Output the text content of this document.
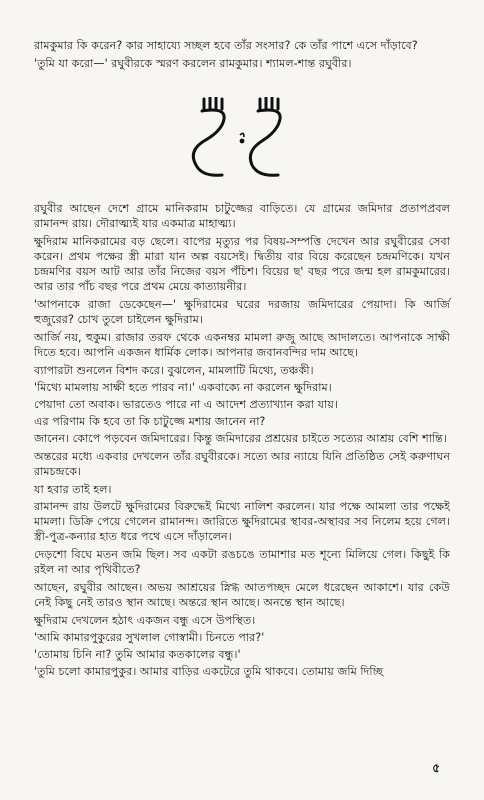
রামকুমার কি করেন? কার সাহায্যে সচ্ছল হবে তাঁর সংসার? কে তাঁর পাশে এসে দাঁড়াবে?

'তুমি যা করো—' রঘুবীরকে স্মরণ করলেন রামকুমার। শ্যামল-শান্ত রঘুবীর।

রঘুবীর আছেন দেশে গ্রামে মানিকরাম চাটুজ্জের বাড়িতে। যে গ্রামের জমিদার প্রতাপপ্রবল রামানন্দ রায়। দৌরাত্ম্যই যার একমাত্র মাহাত্ম্য।

ক্ষুদিরাম মানিকরামের বড় ছেলে। বাপের মৃত্যুর পর বিষয়-সম্পত্তি দেখেন আর রঘুবীরের সেবা করেন। প্রথম পক্ষের স্ত্রী মারা যান অল্প বয়সেই। দ্বিতীয় বার বিয়ে করেছেন চন্দ্রমণিকে। যখন চন্দ্রমণির বয়স আট আর তাঁর নিজের বয়স পঁচিশ। বিয়ের ছ' বছর পরে জন্ম হল রামকুমারের। আর তার পাঁচ বছর পরে প্রথম মেয়ে কাত্যায়নীর।

'আপনাকে রাজা ডেকেছেন—' ক্ষুদিরামের ঘরের দরজায় জমিদারের পেয়াদা। কি আর্জি হুজুরের? চোখ তুলে চাইলেন ক্ষুদিরাম।

আর্জি নয়, হুকুম। রাজার তরফ থেকে একনম্বর মামলা রুজু আছে আদালতে। আপনাকে সাক্ষী দিতে হবে। আপনি একজন ধার্মিক লোক। আপনার জবানবন্দির দাম আছে।

ব্যাপারটা শুনলেন বিশদ করে। বুঝলেন, মামলাটি মিথ্যে, তঞ্চকী।

'মিথ্যে মামলায় সাক্ষী হতে পারব না।' একবাক্যে না করলেন ক্ষুদিরাম।

পেয়াদা তো অবাক। ভারতেও পারে না এ আদেশ প্রত্যাখ্যান করা যায়।

এর পরিণাম কি হবে তা কি চাটুজ্জে মশায় জানেন না?

জানেন। কোপে পড়বেন জমিদারের। কিন্তু জমিদারের প্রশ্রয়ের চাইতে সত্যের আশ্রয় বেশি শান্তি।

অন্তরের মধ্যে একবার দেখলেন তাঁর রঘুবীরকে। সত্যে আর ন্যায়ে যিনি প্রতিষ্ঠিত সেই করুণাঘন রামচন্দ্রকে।

যা হবার তাই হল।

রামানন্দ রায় উলটে ক্ষুদিরামের বিরুদ্ধেই মিথ্যে নালিশ করলেন। যার পক্ষে আমলা তার পক্ষেই মামলা। ডিক্রি পেয়ে গেলেন রামানন্দ। জারিতে ক্ষুদিরামের স্থাবর-অস্থাবর সব নিলেম হয়ে গেল। স্ত্রী-পুত্র-কন্যার হাত ধরে পথে এসে দাঁড়ালেন।

দেড়শো বিঘে মতন জমি ছিল। সব একটা রঙচঙে তামাশার মত শূন্যে মিলিয়ে গেল। কিছুই কি রইল না আর পৃথিবীতে?

আছেন, রঘুবীর আছেন। অভয় আশ্রয়ের স্নিগ্ধ আতপচ্ছদ মেলে ধরেছেন আকাশে। যার কেউ নেই কিছু নেই তারও স্থান আছে। অন্তরে স্থান আছে। অনন্তে স্থান আছে।

ক্ষুদিরাম দেখলেন হঠাৎ একজন বন্ধু এসে উপস্থিত।

'আমি কামারপুকুরের সুখলাল গোস্বামী। চিনতে পার?'

'তোমায় চিনি না? তুমি আমার কতকালের বন্ধু।'

'তুমি চলো কামারপুকুর। আমার বাড়ির একটেরে তুমি থাকবে। তোমায় জমি দিচ্ছি

৫
